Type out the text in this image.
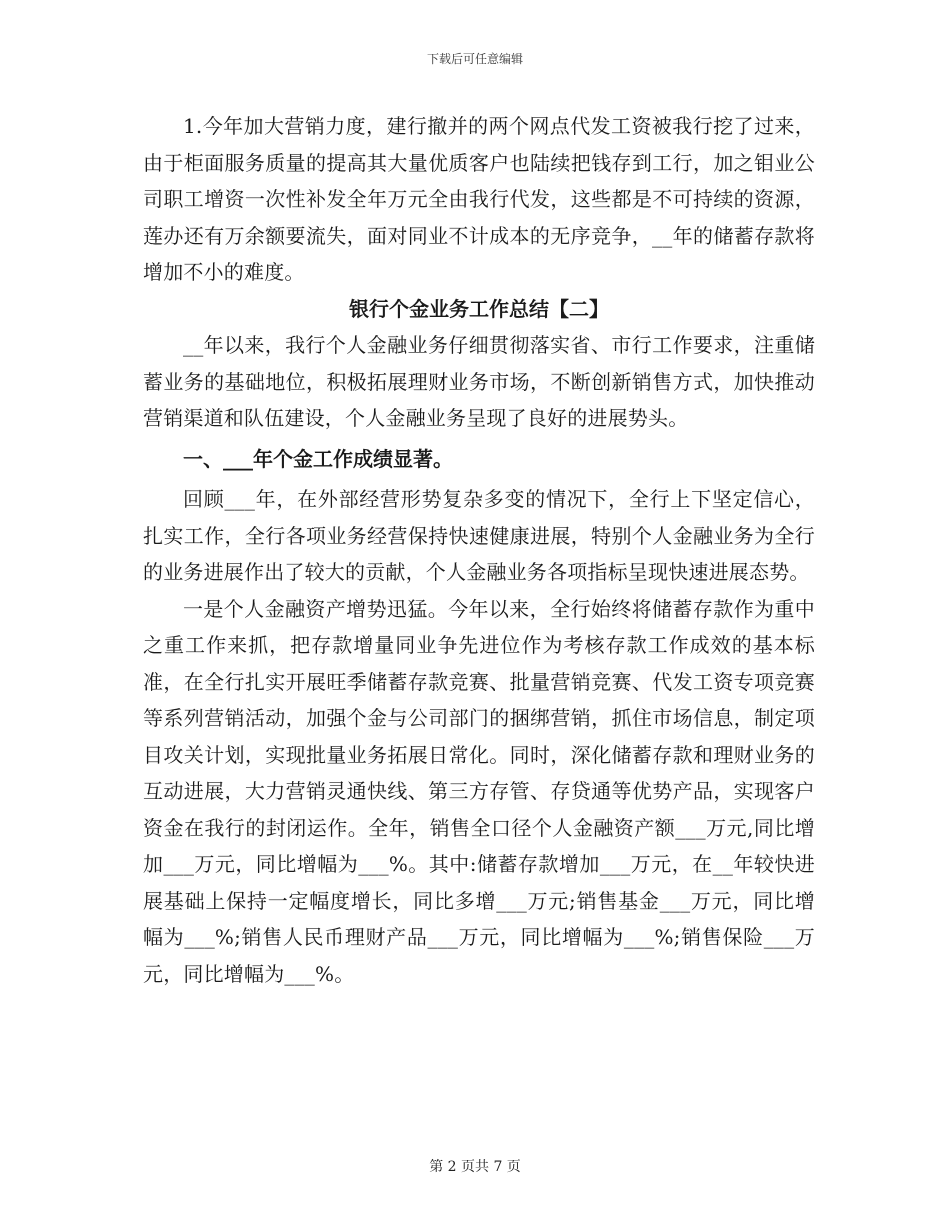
下载后可任意编辑

1.今年加大营销力度，建行撤并的两个网点代发工资被我行挖了过来，由于柜面服务质量的提高其大量优质客户也陆续把钱存到工行，加之钼业公司职工增资一次性补发全年万元全由我行代发，这些都是不可持续的资源，莲办还有万余额要流失，面对同业不计成本的无序竞争，__年的储蓄存款将增加不小的难度。

银行个金业务工作总结【二】

__年以来，我行个人金融业务仔细贯彻落实省、市行工作要求，注重储蓄业务的基础地位，积极拓展理财业务市场，不断创新销售方式，加快推动营销渠道和队伍建设，个人金融业务呈现了良好的进展势头。

一、___年个金工作成绩显著。

回顾___年，在外部经营形势复杂多变的情况下，全行上下坚定信心，扎实工作，全行各项业务经营保持快速健康进展，特别个人金融业务为全行的业务进展作出了较大的贡献，个人金融业务各项指标呈现快速进展态势。

一是个人金融资产增势迅猛。今年以来，全行始终将储蓄存款作为重中之重工作来抓，把存款增量同业争先进位作为考核存款工作成效的基本标准，在全行扎实开展旺季储蓄存款竞赛、批量营销竞赛、代发工资专项竞赛等系列营销活动，加强个金与公司部门的捆绑营销，抓住市场信息，制定项目攻关计划，实现批量业务拓展日常化。同时，深化储蓄存款和理财业务的互动进展，大力营销灵通快线、第三方存管、存贷通等优势产品，实现客户资金在我行的封闭运作。全年，销售全口径个人金融资产额___万元,同比增加___万元，同比增幅为___%。其中:储蓄存款增加___万元，在__年较快进展基础上保持一定幅度增长，同比多增___万元;销售基金___万元，同比增幅为___%;销售人民币理财产品___万元，同比增幅为___%;销售保险___万元，同比增幅为___%。

第 2 页共 7 页
